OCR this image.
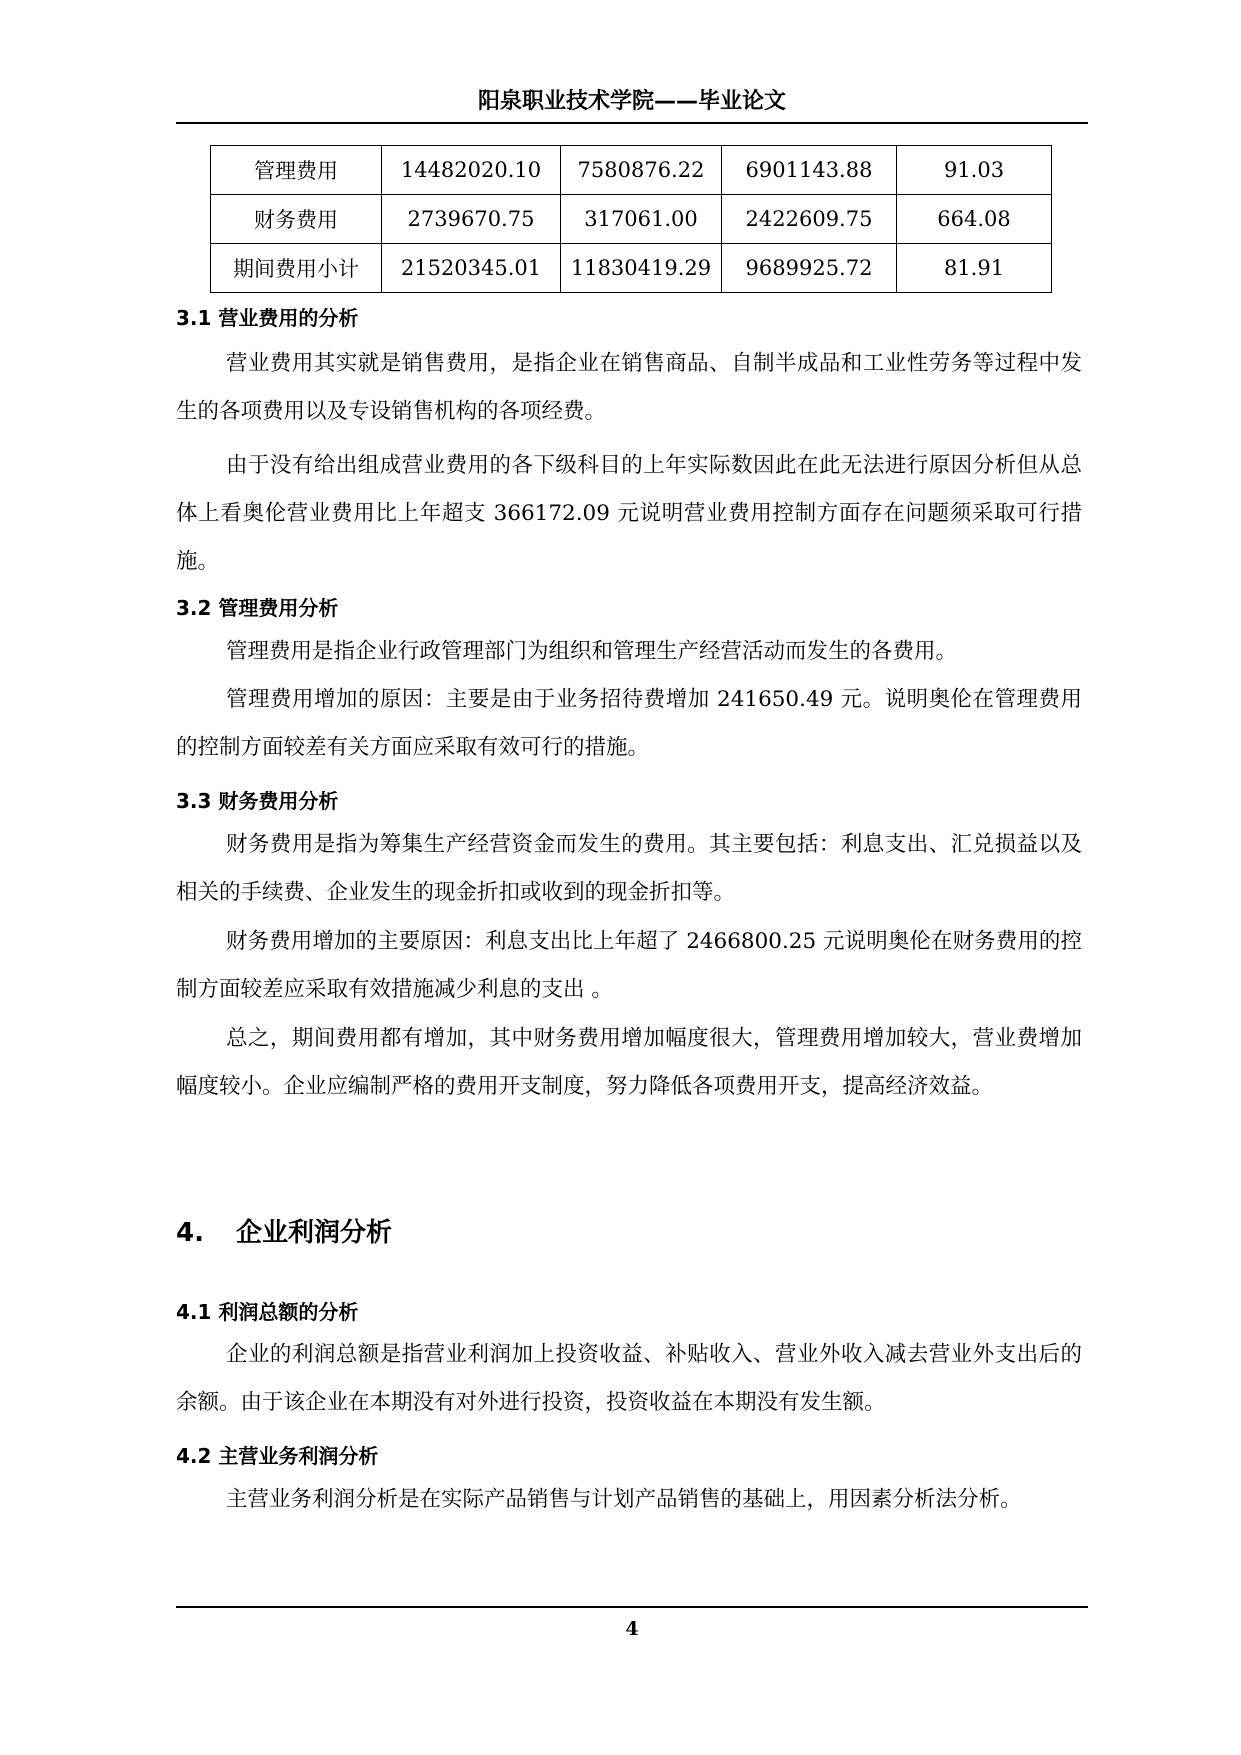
阳泉职业技术学院——毕业论文
管理费用	14482020.10	7580876.22	6901143.88	91.03
财务费用	2739670.75	317061.00	2422609.75	664.08
期间费用小计	21520345.01	11830419.29	9689925.72	81.91
3.1 营业费用的分析

营业费用其实就是销售费用，是指企业在销售商品、自制半成品和工业性劳务等过程中发生的各项费用以及专设销售机构的各项经费。

由于没有给出组成营业费用的各下级科目的上年实际数因此在此无法进行原因分析但从总体上看奥伦营业费用比上年超支 366172.09 元说明营业费用控制方面存在问题须采取可行措施。

3.2 管理费用分析

管理费用是指企业行政管理部门为组织和管理生产经营活动而发生的各费用。

管理费用增加的原因：主要是由于业务招待费增加 241650.49 元。说明奥伦在管理费用的控制方面较差有关方面应采取有效可行的措施。

3.3 财务费用分析

财务费用是指为筹集生产经营资金而发生的费用。其主要包括：利息支出、汇兑损益以及相关的手续费、企业发生的现金折扣或收到的现金折扣等。

财务费用增加的主要原因：利息支出比上年超了 2466800.25 元说明奥伦在财务费用的控制方面较差应采取有效措施减少利息的支出 。

总之，期间费用都有增加，其中财务费用增加幅度很大，管理费用增加较大，营业费增加幅度较小。企业应编制严格的费用开支制度，努力降低各项费用开支，提高经济效益。

4. 企业利润分析
4.1 利润总额的分析

企业的利润总额是指营业利润加上投资收益、补贴收入、营业外收入减去营业外支出后的余额。由于该企业在本期没有对外进行投资，投资收益在本期没有发生额。

4.2 主营业务利润分析

主营业务利润分析是在实际产品销售与计划产品销售的基础上，用因素分析法分析。

4
